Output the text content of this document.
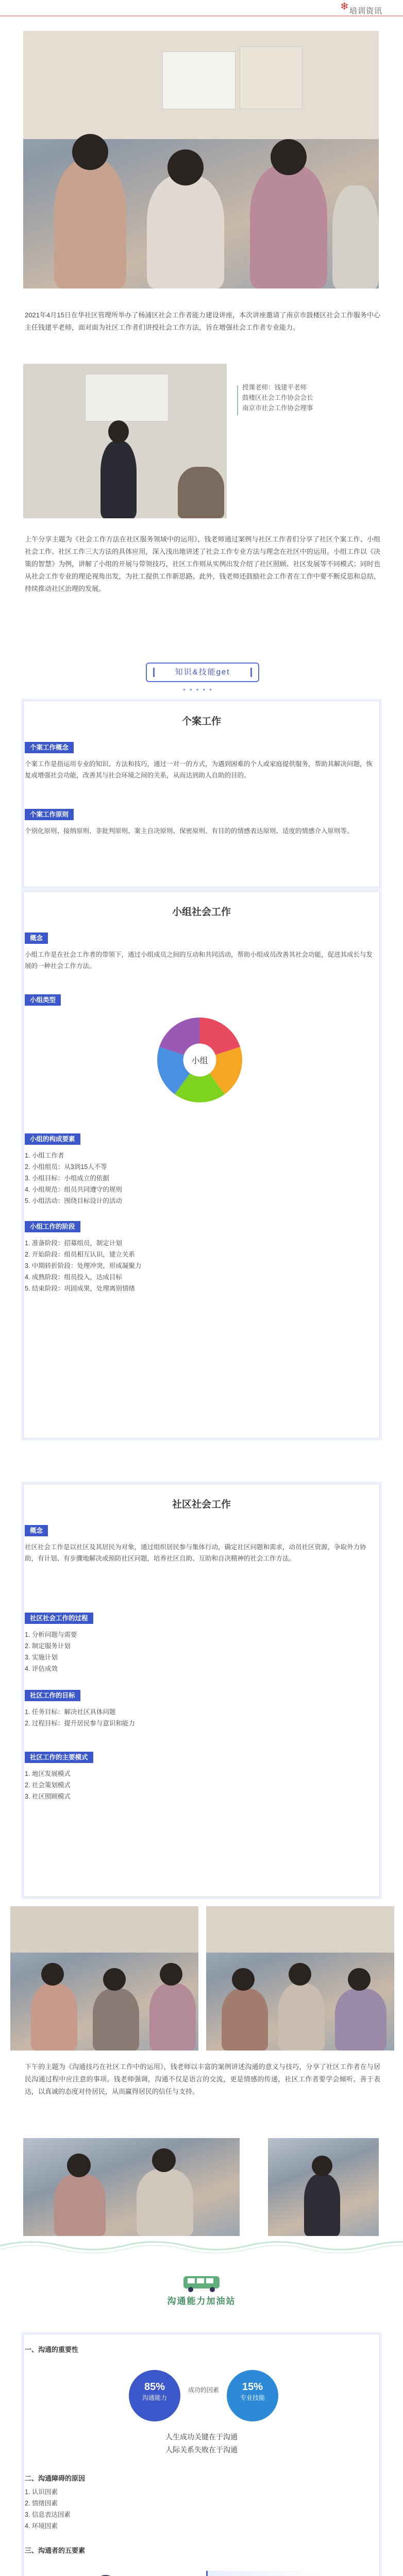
❄ 培训资讯

2021年4月15日在华社区管理所举办了杨浦区社会工作者能力建设讲座，本次讲座邀请了南京市鼓楼区社会工作服务中心主任钱建平老师，面对面为社区工作者们讲授社会工作方法，旨在增强社会工作者专业能力。

授课老师：钱建平老师
鼓楼区社会工作协会会长
南京市社会工作协会理事

上午分享主题为《社会工作方法在社区服务领域中的运用》，钱老师通过案例与社区工作者们分享了社区个案工作、小组社会工作、社区工作三大方法的具体应用，深入浅出地讲述了社会工作专业方法与理念在社区中的运用。小组工作以《决策的智慧》为例，讲解了小组的开展与带领技巧，社区工作则从实例出发介绍了社区照顾、社区发展等不同模式；同时也从社会工作专业的理论视角出发，为社工提供工作新思路。此外，钱老师还鼓励社会工作者在工作中要不断反思和总结，持续推动社区治理的发展。

知识&技能get
• • • • •
个案工作
个案工作概念
个案工作是指运用专业的知识、方法和技巧，通过一对一的方式，为遇到困难的个人或家庭提供服务，帮助其解决问题，恢复或增强社会功能，改善其与社会环境之间的关系，从而达到助人自助的目的。
个案工作原则
个别化原则、接纳原则、非批判原则、案主自决原则、保密原则、有目的的情感表达原则、适度的情感介入原则等。
小组社会工作
概念
小组工作是在社会工作者的带领下，通过小组成员之间的互动和共同活动，帮助小组成员改善其社会功能，促进其成长与发展的一种社会工作方法。
小组类型
小组
小组的构成要素
1. 小组工作者
2. 小组组员：从3到15人不等
3. 小组目标：小组成立的依据
4. 小组规范：组员共同遵守的规则
5. 小组活动：围绕目标设计的活动
小组工作的阶段
1. 准备阶段：招募组员，制定计划
2. 开始阶段：组员相互认识，建立关系
3. 中期转折阶段：处理冲突，形成凝聚力
4. 成熟阶段：组员投入，达成目标
5. 结束阶段：巩固成果，处理离别情绪
社区社会工作
概念
社区社会工作是以社区及其居民为对象，通过组织居民参与集体行动，确定社区问题和需求，动员社区资源，争取外力协助，有计划、有步骤地解决或预防社区问题，培养社区自助、互助和自决精神的社会工作方法。
社区社会工作的过程
1. 分析问题与需要
2. 制定服务计划
3. 实施计划
4. 评估成效
社区工作的目标
1. 任务目标：解决社区具体问题
2. 过程目标：提升居民参与意识和能力
社区工作的主要模式
1. 地区发展模式
2. 社会策划模式
3. 社区照顾模式

下午的主题为《沟通技巧在社区工作中的运用》，钱老师以丰富的案例讲述沟通的意义与技巧，分享了社区工作者在与居民沟通过程中应注意的事项。钱老师强调，沟通不仅是语言的交流，更是情感的传递，社区工作者要学会倾听、善于表达，以真诚的态度对待居民，从而赢得居民的信任与支持。

沟通能力加油站
一、沟通的重要性
85%
沟通能力
15%
专业技能
成功的因素
人生成功关键在于沟通
人际关系失败在于沟通
二、沟通障碍的原因
1. 认识因素
2. 情绪因素
3. 信息表达因素
4. 环境因素
三、沟通者的五要素
